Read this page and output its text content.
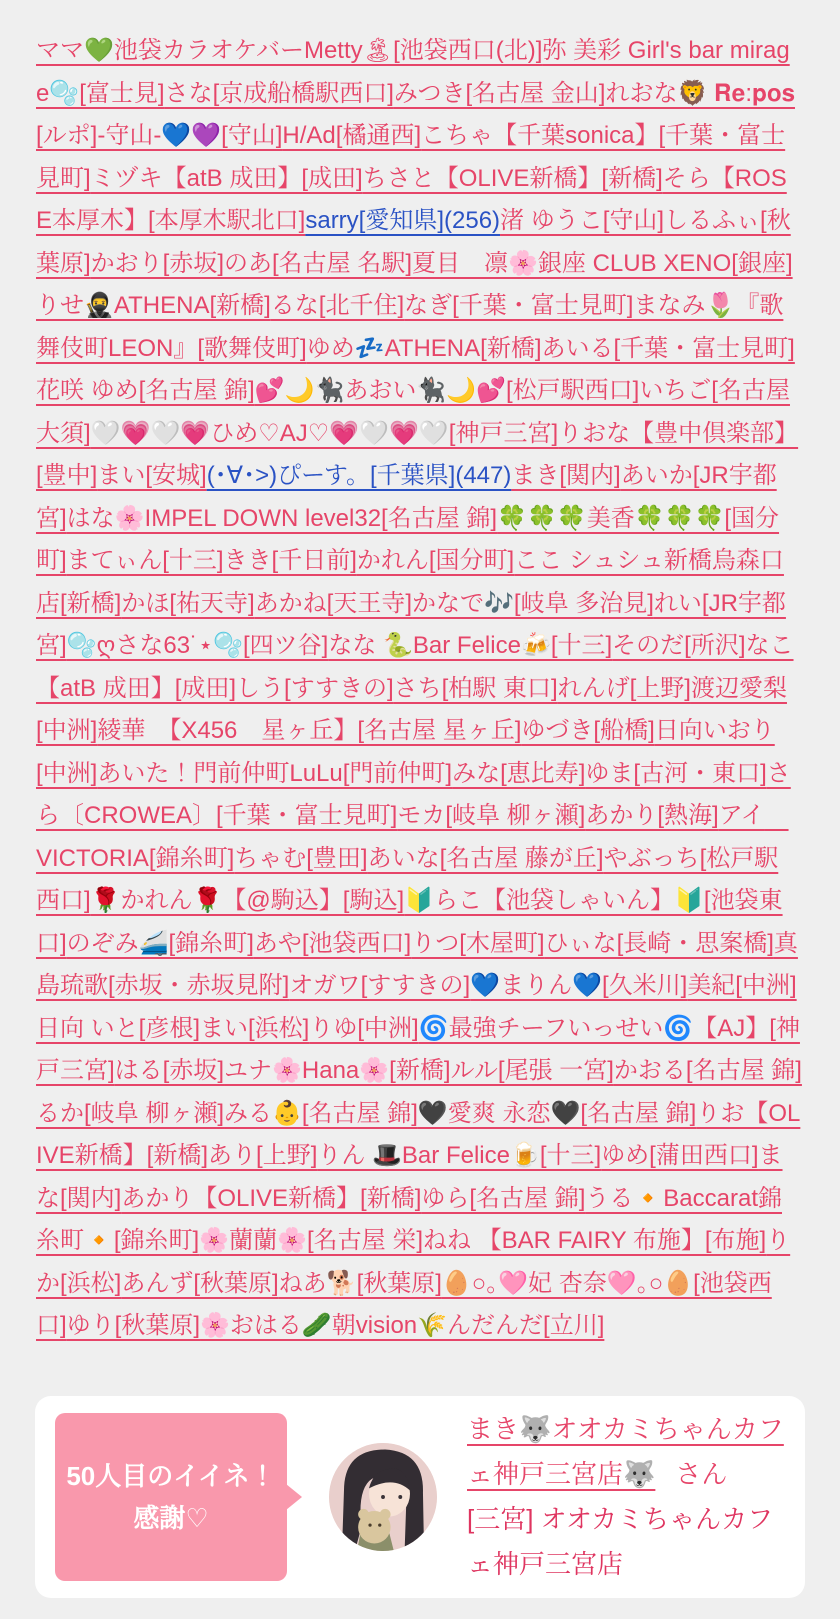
ママ💚池袋カラオケバーMetty🏝[池袋西口(北)]弥 美彩 Girl's bar mirage🫧[富士見]さな[京成船橋駅西口]みつき[名古屋 金山]れおな🦁 𝐑𝐞:𝐩𝐨𝐬[ルポ]-守山-💙💜[守山]H/Ad[橘通西]こちゃ【千葉sonica】[千葉・富士見町]ミヅキ【atB 成田】[成田]ちさと【OLIVE新橋】[新橋]そら【ROSE本厚木】[本厚木駅北口]sarry[愛知県](256)渚 ゆうこ[守山]しるふぃ[秋葉原]かおり[赤坂]のあ[名古屋 名駅]夏目　凛🌸銀座 CLUB XENO[銀座]りせ🥷ATHENA[新橋]るな[北千住]なぎ[千葉・富士見町]まなみ🌷『歌舞伎町LEON』[歌舞伎町]ゆめ💤ATHENA[新橋]あいる[千葉・富士見町]花咲 ゆめ[名古屋 錦]💕🌙🐈‍⬛あおい🐈‍⬛🌙💕[松戸駅西口]いちご[名古屋 大須]🤍💗🤍💗ひめ♡AJ♡💗🤍💗🤍[神戸三宮]りおな【豊中倶楽部】[豊中]まい[安城](･∀･>)ぴーす。[千葉県](447)まき[関内]あいか[JR宇都宮]はな🌸IMPEL DOWN level32[名古屋 錦]🍀🍀🍀美香🍀🍀🍀[国分町]まてぃん[十三]きき[千日前]かれん[国分町]ここ シュシュ新橋烏森口店[新橋]かほ[祐天寺]あかね[天王寺]かなで🎶[岐阜 多治見]れい[JR宇都宮]🫧ღさな63˙⋆🫧[四ツ谷]なな 🐍Bar Felice🍻[十三]そのだ[所沢]なこ【atB 成田】[成田]しう[すすきの]さち[柏駅 東口]れんげ[上野]渡辺愛梨[中洲]綾華　【X456　星ヶ丘】[名古屋 星ヶ丘]ゆづき[船橋]日向いおり[中洲]あいた！門前仲町LuLu[門前仲町]みな[恵比寿]ゆま[古河・東口]さら〔CROWEA〕[千葉・富士見町]モカ[岐阜 柳ヶ瀬]あかり[熱海]アイ　VICTORIA[錦糸町]ちゃむ[豊田]あいな[名古屋 藤が丘]やぶっち[松戸駅西口]🌹かれん🌹【@駒込】[駒込]🔰らこ【池袋しゃいん】🔰[池袋東口]のぞみ🚄[錦糸町]あや[池袋西口]りつ[木屋町]ひぃな[長崎・思案橋]真島琉歌[赤坂・赤坂見附]オガワ[すすきの]💙まりん💙[久米川]美紀[中洲]日向 いと[彦根]まい[浜松]りゆ[中洲]🌀最強チーフいっせい🌀【AJ】[神戸三宮]はる[赤坂]ユナ🌸Hana🌸[新橋]ルル[尾張 一宮]かおる[名古屋 錦]るか[岐阜 柳ヶ瀬]みる👶[名古屋 錦]🖤愛爽 永恋🖤[名古屋 錦]りお【OLIVE新橋】[新橋]あり[上野]りん 🎩Bar Felice🍺[十三]ゆめ[蒲田西口]まな[関内]あかり【OLIVE新橋】[新橋]ゆら[名古屋 錦]うる🔸Baccarat錦糸町🔸[錦糸町]🌸蘭蘭🌸[名古屋 栄]ねね 【BAR FAIRY 布施】[布施]りか[浜松]あんず[秋葉原]ねあ🐕[秋葉原]🥚○｡🩷妃 杏奈🩷｡○🥚[池袋西口]ゆり[秋葉原]🌸おはる🥒朝vision🌾んだんだ[立川]

50人目のイイネ！
感謝♡
まき🐺オオカミちゃんカフェ神戸三宮店🐺 さん
[三宮] オオカミちゃんカフェ神戸三宮店
